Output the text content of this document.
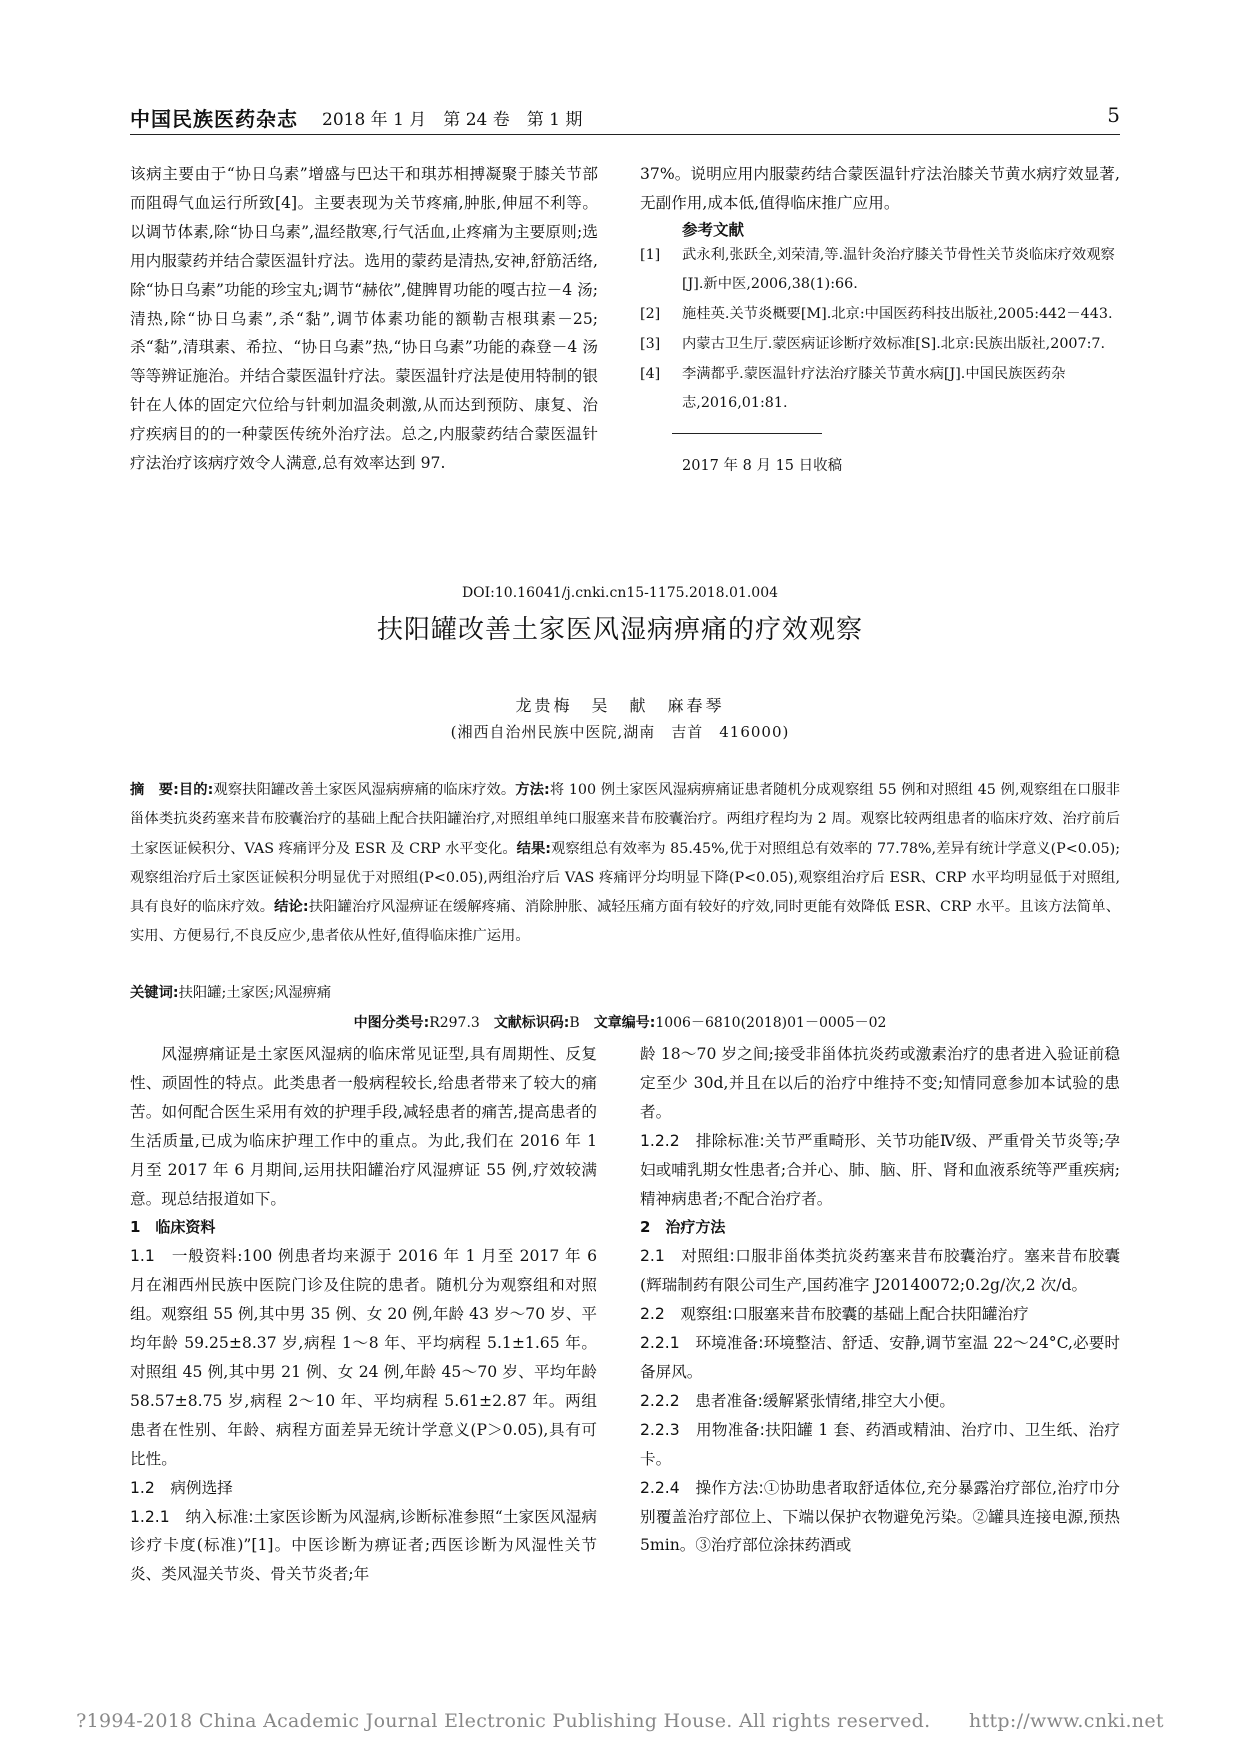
中国民族医药杂志 2018 年 1 月　第 24 卷　第 1 期	5

该病主要由于“协日乌素”增盛与巴达干和琪苏相搏凝聚于膝关节部而阻碍气血运行所致[4]。主要表现为关节疼痛,肿胀,伸屈不利等。以调节体素,除“协日乌素”,温经散寒,行气活血,止疼痛为主要原则;选用内服蒙药并结合蒙医温针疗法。选用的蒙药是清热,安神,舒筋活络,除“协日乌素”功能的珍宝丸;调节“赫依”,健脾胃功能的嘎古拉－4 汤;清热,除“协日乌素”,杀“黏”,调节体素功能的额勒吉根琪素－25;杀“黏”,清琪素、希拉、“协日乌素”热,“协日乌素”功能的森登－4 汤等等辨证施治。并结合蒙医温针疗法。蒙医温针疗法是使用特制的银针在人体的固定穴位给与针刺加温灸刺激,从而达到预防、康复、治疗疾病目的的一种蒙医传统外治疗法。总之,内服蒙药结合蒙医温针疗法治疗该病疗效令人满意,总有效率达到 97.

37%。说明应用内服蒙药结合蒙医温针疗法治膝关节黄水病疗效显著,无副作用,成本低,值得临床推广应用。

参考文献
[1] 武永利,张跃全,刘荣清,等.温针灸治疗膝关节骨性关节炎临床疗效观察[J].新中医,2006,38(1):66.
[2] 施桂英.关节炎概要[M].北京:中国医药科技出版社,2005:442－443.
[3] 内蒙古卫生厅.蒙医病证诊断疗效标准[S].北京:民族出版社,2007:7.
[4] 李满都乎.蒙医温针疗法治疗膝关节黄水病[J].中国民族医药杂志,2016,01:81.
2017 年 8 月 15 日收稿
DOI:10.16041/j.cnki.cn15-1175.2018.01.004
扶阳罐改善土家医风湿病痹痛的疗效观察
龙贵梅　吴　献　麻春琴
(湘西自治州民族中医院,湖南　吉首　416000)
摘　要:目的:观察扶阳罐改善土家医风湿病痹痛的临床疗效。方法:将 100 例土家医风湿病痹痛证患者随机分成观察组 55 例和对照组 45 例,观察组在口服非甾体类抗炎药塞来昔布胶囊治疗的基础上配合扶阳罐治疗,对照组单纯口服塞来昔布胶囊治疗。两组疗程均为 2 周。观察比较两组患者的临床疗效、治疗前后土家医证候积分、VAS 疼痛评分及 ESR 及 CRP 水平变化。结果:观察组总有效率为 85.45%,优于对照组总有效率的 77.78%,差异有统计学意义(P<0.05);观察组治疗后土家医证候积分明显优于对照组(P<0.05),两组治疗后 VAS 疼痛评分均明显下降(P<0.05),观察组治疗后 ESR、CRP 水平均明显低于对照组,具有良好的临床疗效。结论:扶阳罐治疗风湿痹证在缓解疼痛、消除肿胀、减轻压痛方面有较好的疗效,同时更能有效降低 ESR、CRP 水平。且该方法简单、实用、方便易行,不良反应少,患者依从性好,值得临床推广运用。
关键词:扶阳罐;土家医;风湿痹痛
中图分类号:R297.3　 文献标识码:B　 文章编号:1006－6810(2018)01－0005－02

风湿痹痛证是土家医风湿病的临床常见证型,具有周期性、反复性、顽固性的特点。此类患者一般病程较长,给患者带来了较大的痛苦。如何配合医生采用有效的护理手段,减轻患者的痛苦,提高患者的生活质量,已成为临床护理工作中的重点。为此,我们在 2016 年 1 月至 2017 年 6 月期间,运用扶阳罐治疗风湿痹证 55 例,疗效较满意。现总结报道如下。

1　临床资料

1.1　 一般资料:100 例患者均来源于 2016 年 1 月至 2017 年 6 月在湘西州民族中医院门诊及住院的患者。随机分为观察组和对照组。观察组 55 例,其中男 35 例、女 20 例,年龄 43 岁～70 岁、平均年龄 59.25±8.37 岁,病程 1～8 年、平均病程 5.1±1.65 年。对照组 45 例,其中男 21 例、女 24 例,年龄 45～70 岁、平均年龄 58.57±8.75 岁,病程 2～10 年、平均病程 5.61±2.87 年。两组患者在性别、年龄、病程方面差异无统计学意义(P＞0.05),具有可比性。

1.2　病例选择

1.2.1　纳入标准:土家医诊断为风湿病,诊断标准参照“土家医风湿病诊疗卡度(标准)”[1]。中医诊断为痹证者;西医诊断为风湿性关节炎、类风湿关节炎、骨关节炎者;年

龄 18～70 岁之间;接受非甾体抗炎药或激素治疗的患者进入验证前稳定至少 30d,并且在以后的治疗中维持不变;知情同意参加本试验的患者。

1.2.2　排除标准:关节严重畸形、关节功能Ⅳ级、严重骨关节炎等;孕妇或哺乳期女性患者;合并心、肺、脑、肝、肾和血液系统等严重疾病;精神病患者;不配合治疗者。

2　治疗方法

2.1　对照组:口服非甾体类抗炎药塞来昔布胶囊治疗。塞来昔布胶囊(辉瑞制药有限公司生产,国药准字 J20140072;0.2g/次,2 次/d。

2.2　观察组:口服塞来昔布胶囊的基础上配合扶阳罐治疗

2.2.1　环境准备:环境整洁、舒适、安静,调节室温 22～24°C,必要时备屏风。

2.2.2　患者准备:缓解紧张情绪,排空大小便。

2.2.3　用物准备:扶阳罐 1 套、药酒或精油、治疗巾、卫生纸、治疗卡。

2.2.4　操作方法:①协助患者取舒适体位,充分暴露治疗部位,治疗巾分别覆盖治疗部位上、下端以保护衣物避免污染。②罐具连接电源,预热 5min。③治疗部位涂抹药酒或

?1994-2018 China Academic Journal Electronic Publishing House. All rights reserved.　　http://www.cnki.net
